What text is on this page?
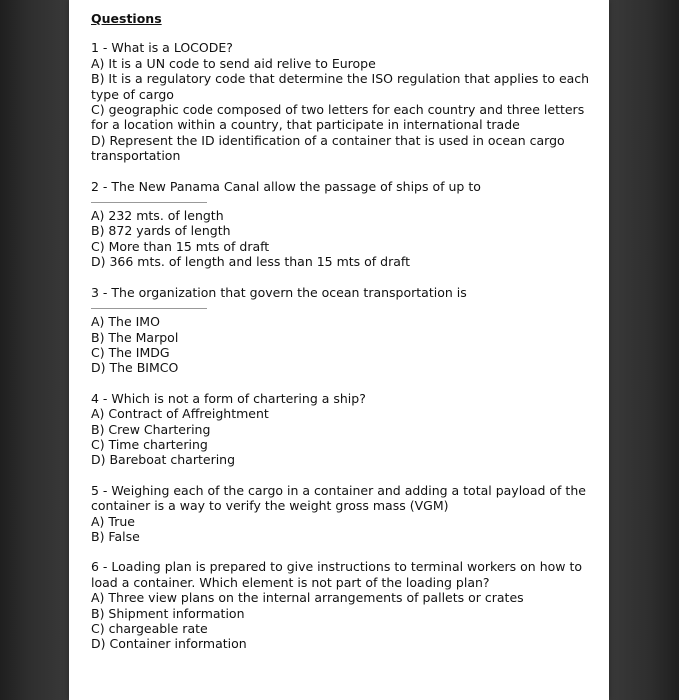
Questions

1 - What is a LOCODE?

A) It is a UN code to send aid relive to Europe

B) It is a regulatory code that determine the ISO regulation that applies to each type of cargo

C) geographic code composed of two letters for each country and three letters for a location within a country, that participate in international trade

D) Represent the ID identification of a container that is used in ocean cargo transportation

2 - The New Panama Canal allow the passage of ships of up to

A) 232 mts. of length

B) 872 yards of length

C) More than 15 mts of draft

D) 366 mts. of length and less than 15 mts of draft

3 - The organization that govern the ocean transportation is

A) The IMO

B) The Marpol

C) The IMDG

D) The BIMCO

4 - Which is not a form of chartering a ship?

A) Contract of Affreightment

B) Crew Chartering

C) Time chartering

D) Bareboat chartering

5 - Weighing each of the cargo in a container and adding a total payload of the container is a way to verify the weight gross mass (VGM)

A) True

B) False

6 - Loading plan is prepared to give instructions to terminal workers on how to load a container. Which element is not part of the loading plan?

A) Three view plans on the internal arrangements of pallets or crates

B) Shipment information

C) chargeable rate

D) Container information
